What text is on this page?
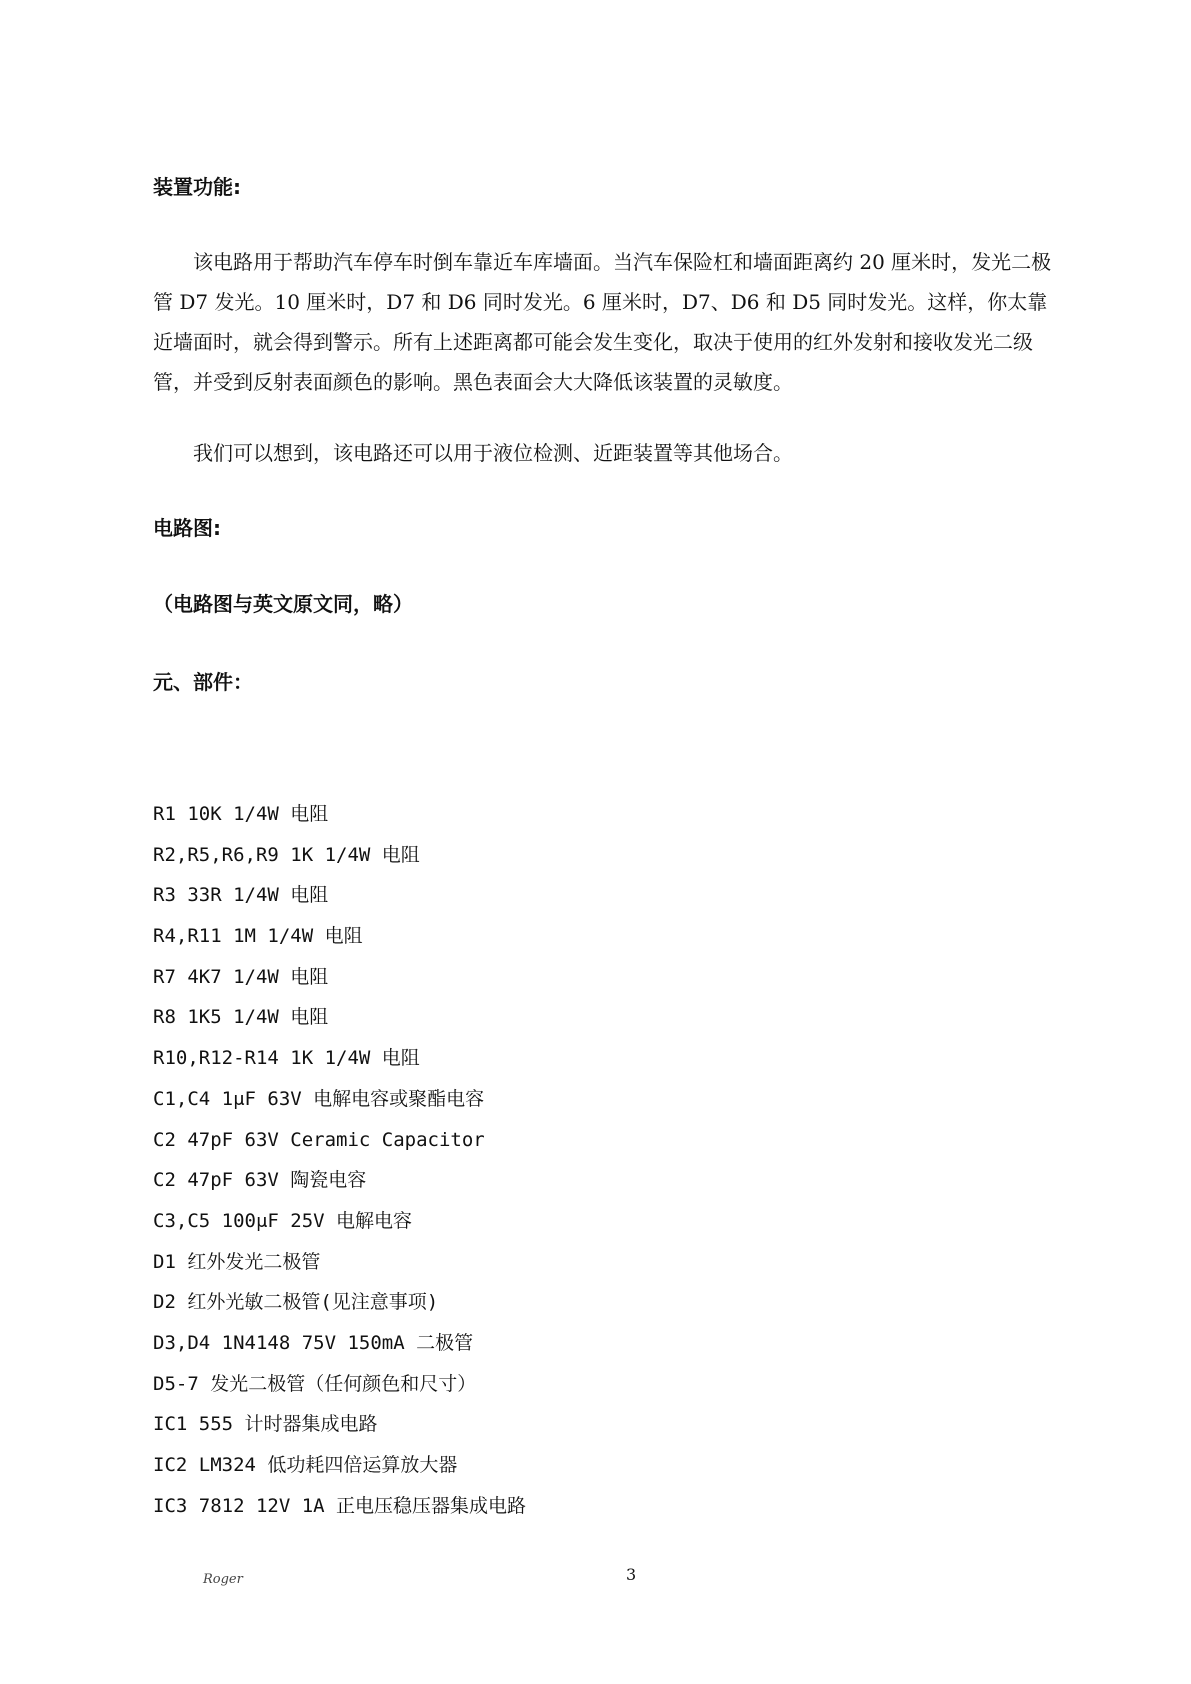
装置功能:

该电路用于帮助汽车停车时倒车靠近车库墙面。当汽车保险杠和墙面距离约 20 厘米时，发光二极管 D7 发光。10 厘米时，D7 和 D6 同时发光。6 厘米时，D7、D6 和 D5 同时发光。这样，你太靠近墙面时，就会得到警示。所有上述距离都可能会发生变化，取决于使用的红外发射和接收发光二级管，并受到反射表面颜色的影响。黑色表面会大大降低该装置的灵敏度。

我们可以想到，该电路还可以用于液位检测、近距装置等其他场合。

电路图:
（电路图与英文原文同，略）
元、部件：
R1 10K 1/4W 电阻
R2,R5,R6,R9 1K 1/4W 电阻
R3 33R 1/4W 电阻
R4,R11 1M 1/4W 电阻
R7 4K7 1/4W 电阻
R8 1K5 1/4W 电阻
R10,R12-R14 1K 1/4W 电阻
C1,C4 1μF 63V 电解电容或聚酯电容
C2 47pF 63V Ceramic Capacitor
C2 47pF 63V 陶瓷电容
C3,C5 100μF 25V 电解电容
D1 红外发光二极管
D2 红外光敏二极管(见注意事项)
D3,D4 1N4148 75V 150mA 二极管
D5-7 发光二极管（任何颜色和尺寸）
IC1 555 计时器集成电路
IC2 LM324 低功耗四倍运算放大器
IC3 7812 12V 1A 正电压稳压器集成电路
Roger	3
